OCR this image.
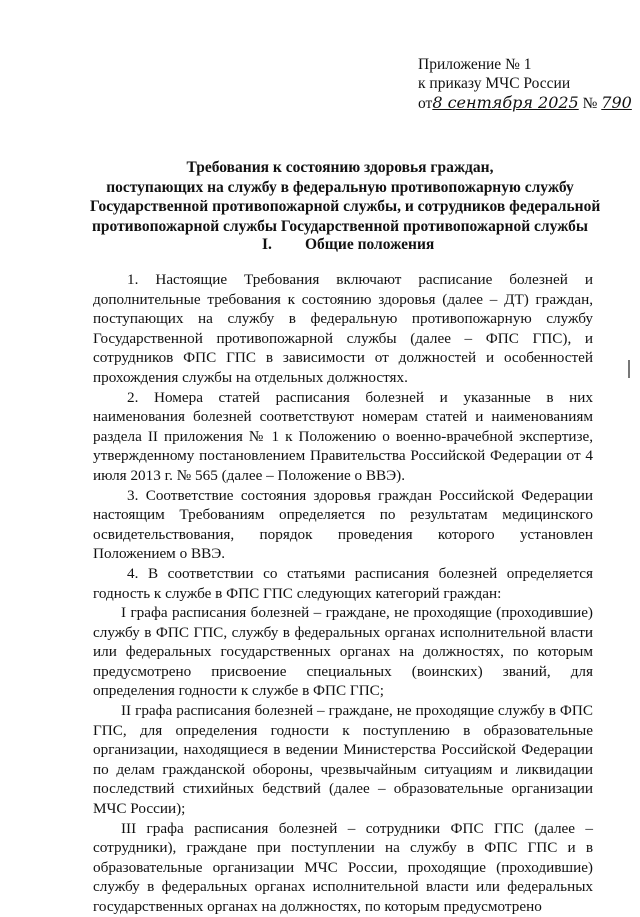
Приложение № 1
к приказу МЧС России
от8 сентября 2025 № 790
Требования к состоянию здоровья граждан,
поступающих на службу в федеральную противопожарную службу
Государственной противопожарной службы, и сотрудников федеральной
противопожарной службы Государственной противопожарной службы
I. Общие положения

1. Настоящие Требования включают расписание болезней и дополнительные требования к состоянию здоровья (далее – ДТ) граждан, поступающих на службу в федеральную противопожарную службу Государственной противопожарной службы (далее – ФПС ГПС), и сотрудников ФПС ГПС в зависимости от должностей и особенностей прохождения службы на отдельных должностях.

2. Номера статей расписания болезней и указанные в них наименования болезней соответствуют номерам статей и наименованиям раздела II приложения № 1 к Положению о военно-врачебной экспертизе, утвержденному постановлением Правительства Российской Федерации от 4 июля 2013 г. № 565 (далее – Положение о ВВЭ).

3. Соответствие состояния здоровья граждан Российской Федерации настоящим Требованиям определяется по результатам медицинского освидетельствования, порядок проведения которого установлен Положением о ВВЭ.

4. В соответствии со статьями расписания болезней определяется годность к службе в ФПС ГПС следующих категорий граждан:

I графа расписания болезней – граждане, не проходящие (проходившие) службу в ФПС ГПС, службу в федеральных органах исполнительной власти или федеральных государственных органах на должностях, по которым предусмотрено присвоение специальных (воинских) званий, для определения годности к службе в ФПС ГПС;

II графа расписания болезней – граждане, не проходящие службу в ФПС ГПС, для определения годности к поступлению в образовательные организации, находящиеся в ведении Министерства Российской Федерации по делам гражданской обороны, чрезвычайным ситуациям и ликвидации последствий стихийных бедствий (далее – образовательные организации МЧС России);

III графа расписания болезней – сотрудники ФПС ГПС (далее – сотрудники), граждане при поступлении на службу в ФПС ГПС и в образовательные организации МЧС России, проходящие (проходившие) службу в федеральных органах исполнительной власти или федеральных государственных органах на должностях, по которым предусмотрено
